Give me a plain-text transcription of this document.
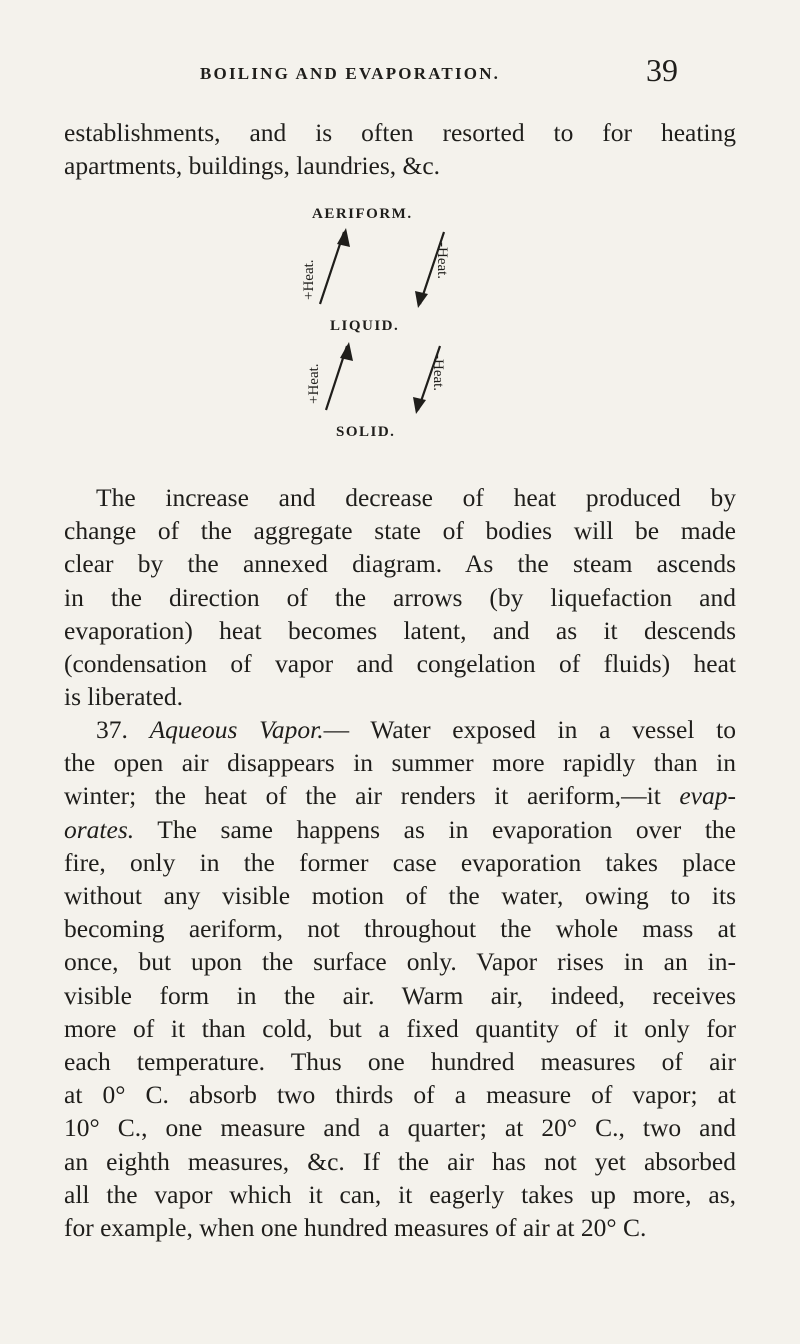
BOILING AND EVAPORATION.	39
establishments, and is often resorted to for heating
apartments, buildings, laundries, &c.
AERIFORM.
LIQUID.
SOLID.
+Heat.	-Heat.
+Heat.	-Heat.
The increase and decrease of heat produced by
change of the aggregate state of bodies will be made
clear by the annexed diagram. As the steam ascends
in the direction of the arrows (by liquefaction and
evaporation) heat becomes latent, and as it descends
(condensation of vapor and congelation of fluids) heat
is liberated.
37. Aqueous Vapor.— Water exposed in a vessel to
the open air disappears in summer more rapidly than in
winter; the heat of the air renders it aeriform,—it evap-
orates. The same happens as in evaporation over the
fire, only in the former case evaporation takes place
without any visible motion of the water, owing to its
becoming aeriform, not throughout the whole mass at
once, but upon the surface only. Vapor rises in an in-
visible form in the air. Warm air, indeed, receives
more of it than cold, but a fixed quantity of it only for
each temperature. Thus one hundred measures of air
at 0° C. absorb two thirds of a measure of vapor; at
10° C., one measure and a quarter; at 20° C., two and
an eighth measures, &c. If the air has not yet absorbed
all the vapor which it can, it eagerly takes up more, as,
for example, when one hundred measures of air at 20° C.
